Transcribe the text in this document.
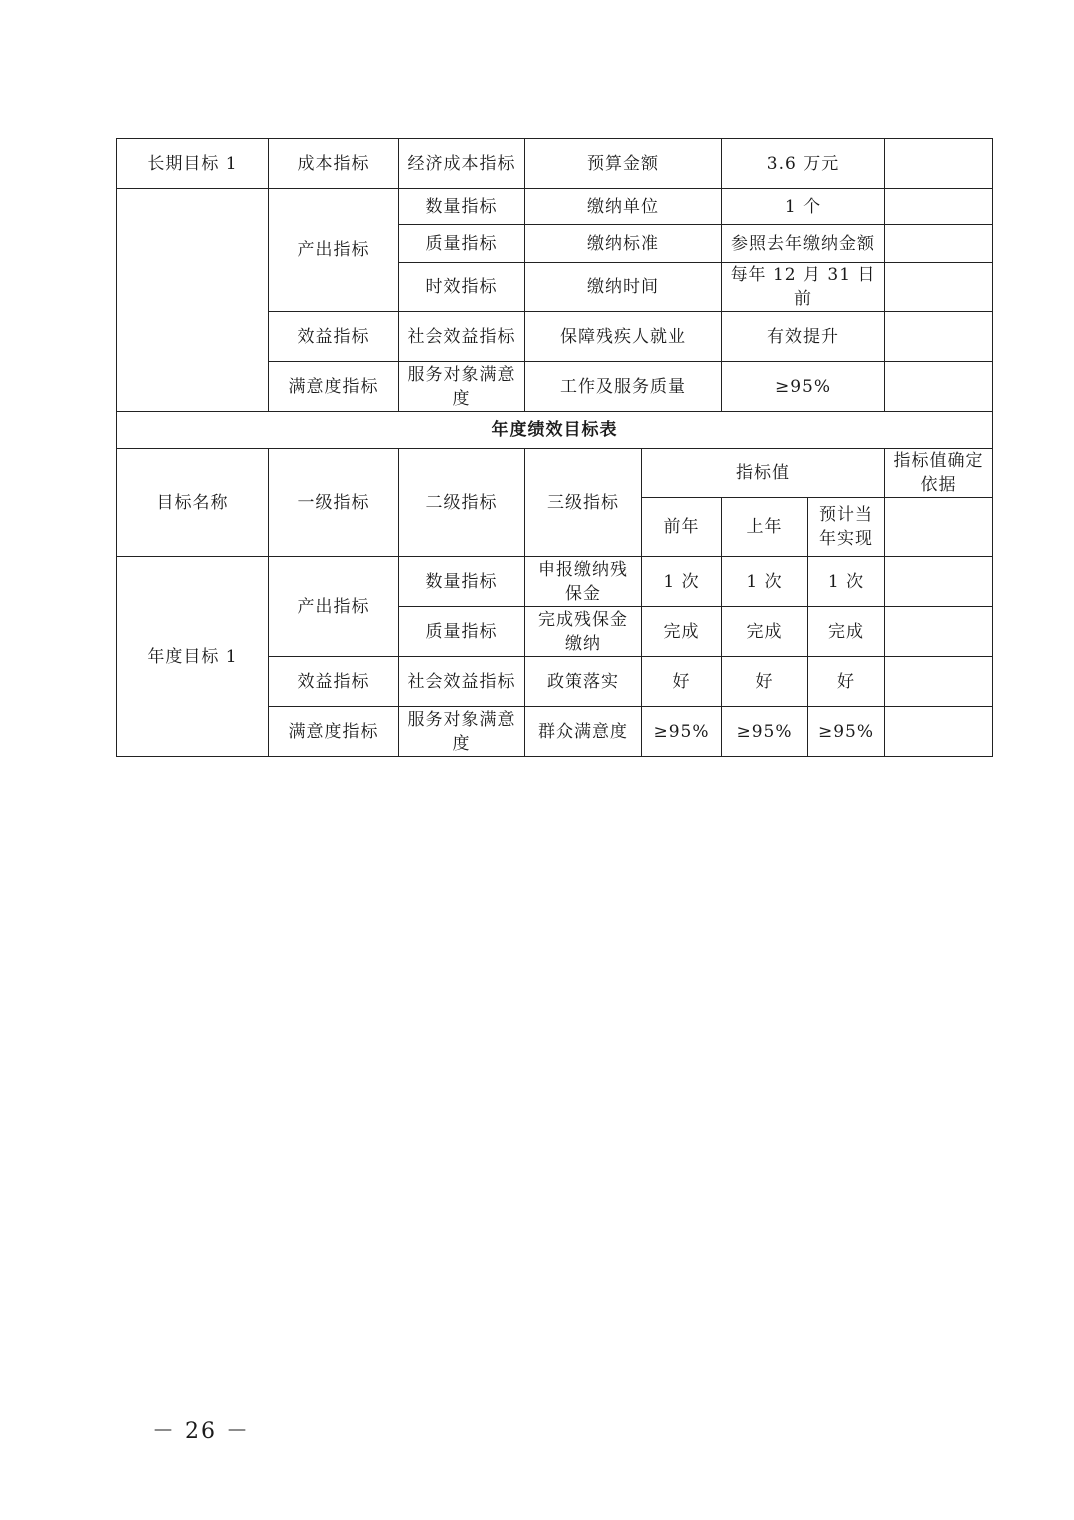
长期目标 1	成本指标	经济成本指标	预算金额		3.6 万元		
	产出指标	数量指标	缴纳单位		1 个		
		质量指标	缴纳标准		参照去年缴纳金额		
		时效指标	缴纳时间		每年 12 月 31 日前		
	效益指标	社会效益指标	保障残疾人就业		有效提升		
	满意度指标	服务对象满意度	工作及服务质量		≥95%		
年度绩效目标表							
目标名称	一级指标	二级指标	三级指标	指标值			指标值确定依据
				前年	上年	预计当年实现	
年度目标 1	产出指标	数量指标	申报缴纳残保金	1 次	1 次	1 次	
		质量指标	完成残保金缴纳	完成	完成	完成	
	效益指标	社会效益指标	政策落实	好	好	好	
	满意度指标	服务对象满意度	群众满意度	≥95%	≥95%	≥95%	
－ 26 －
